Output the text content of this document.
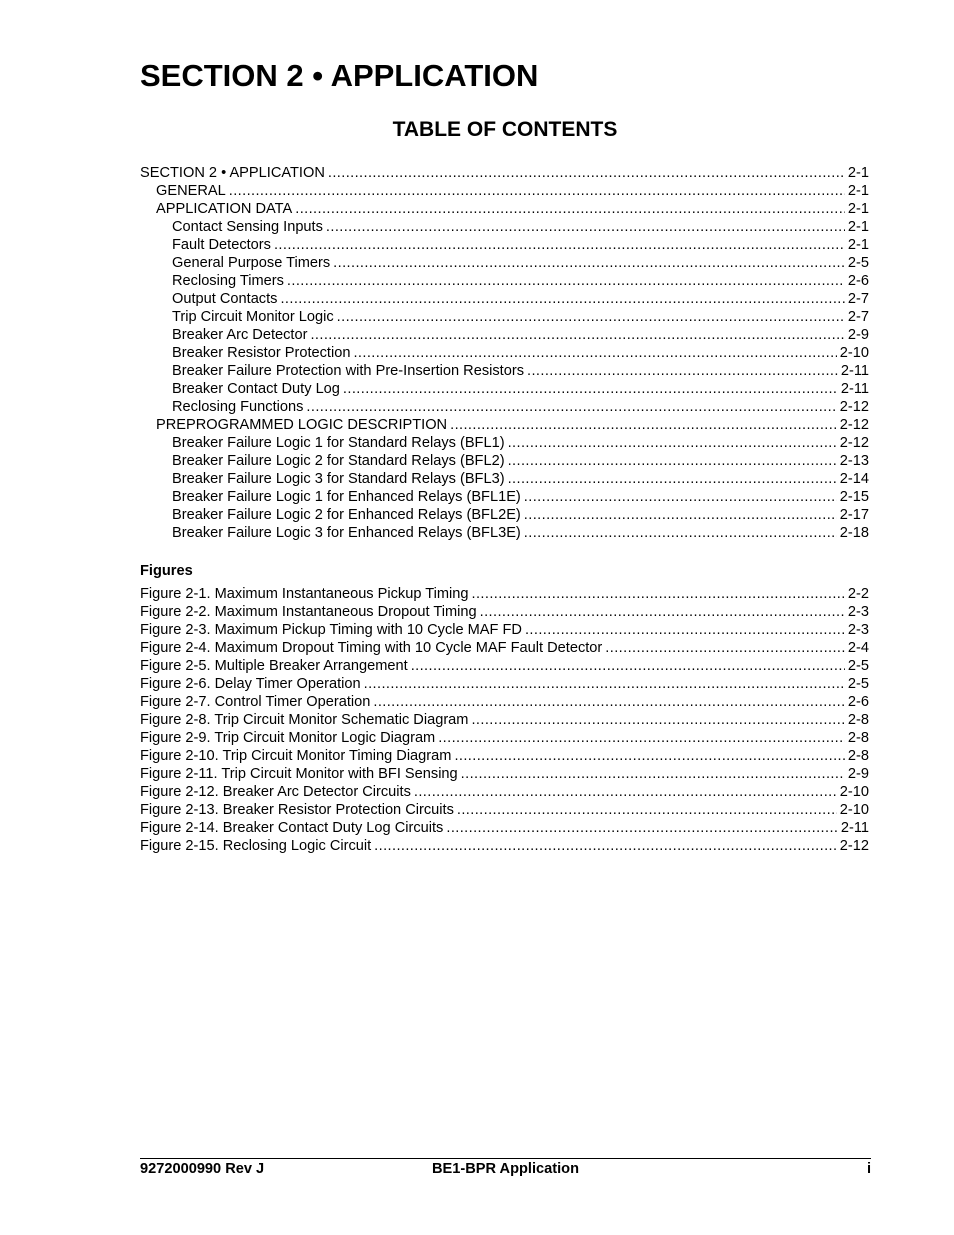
SECTION 2 • APPLICATION
TABLE OF CONTENTS
SECTION 2 • APPLICATION .....	2-1
GENERAL .....	2-1
APPLICATION DATA .....	2-1
Contact Sensing Inputs .....	2-1
Fault Detectors .....	2-1
General Purpose Timers .....	2-5
Reclosing Timers .....	2-6
Output Contacts .....	2-7
Trip Circuit Monitor Logic .....	2-7
Breaker Arc Detector .....	2-9
Breaker Resistor Protection .....	2-10
Breaker Failure Protection with Pre-Insertion Resistors .....	2-11
Breaker Contact Duty Log .....	2-11
Reclosing Functions .....	2-12
PREPROGRAMMED LOGIC DESCRIPTION .....	2-12
Breaker Failure Logic 1 for Standard Relays (BFL1) .....	2-12
Breaker Failure Logic 2 for Standard Relays (BFL2) .....	2-13
Breaker Failure Logic 3 for Standard Relays (BFL3) .....	2-14
Breaker Failure Logic 1 for Enhanced Relays (BFL1E) .....	2-15
Breaker Failure Logic 2 for Enhanced Relays (BFL2E) .....	2-17
Breaker Failure Logic 3 for Enhanced Relays (BFL3E) .....	2-18
Figures
Figure 2-1. Maximum Instantaneous Pickup Timing .....	2-2
Figure 2-2. Maximum Instantaneous Dropout Timing .....	2-3
Figure 2-3. Maximum Pickup Timing with 10 Cycle MAF FD .....	2-3
Figure 2-4. Maximum Dropout Timing with 10 Cycle MAF Fault Detector .....	2-4
Figure 2-5. Multiple Breaker Arrangement .....	2-5
Figure 2-6. Delay Timer Operation .....	2-5
Figure 2-7. Control Timer Operation .....	2-6
Figure 2-8. Trip Circuit Monitor Schematic Diagram .....	2-8
Figure 2-9. Trip Circuit Monitor Logic Diagram .....	2-8
Figure 2-10. Trip Circuit Monitor Timing Diagram .....	2-8
Figure 2-11. Trip Circuit Monitor with BFI Sensing .....	2-9
Figure 2-12. Breaker Arc Detector Circuits .....	2-10
Figure 2-13. Breaker Resistor Protection Circuits .....	2-10
Figure 2-14. Breaker Contact Duty Log Circuits .....	2-11
Figure 2-15. Reclosing Logic Circuit .....	2-12
9272000990 Rev J	BE1-BPR Application	i
